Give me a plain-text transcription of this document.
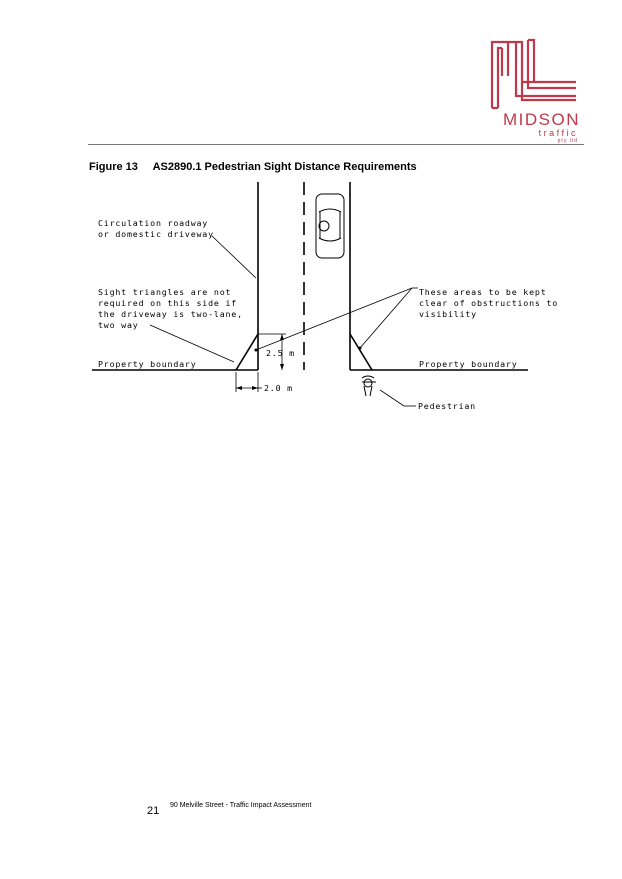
MIDSON
traffic
pty ltd
Figure 13 AS2890.1 Pedestrian Sight Distance Requirements
Circulation roadway
or domestic driveway
Sight triangles are not
required on this side if
the driveway is two-lane,
two way
These areas to be kept
clear of obstructions to
visibility
Property boundary	Property boundary
2.5 m
2.0 m
Pedestrian
21 90 Melville Street - Traffic Impact Assessment
